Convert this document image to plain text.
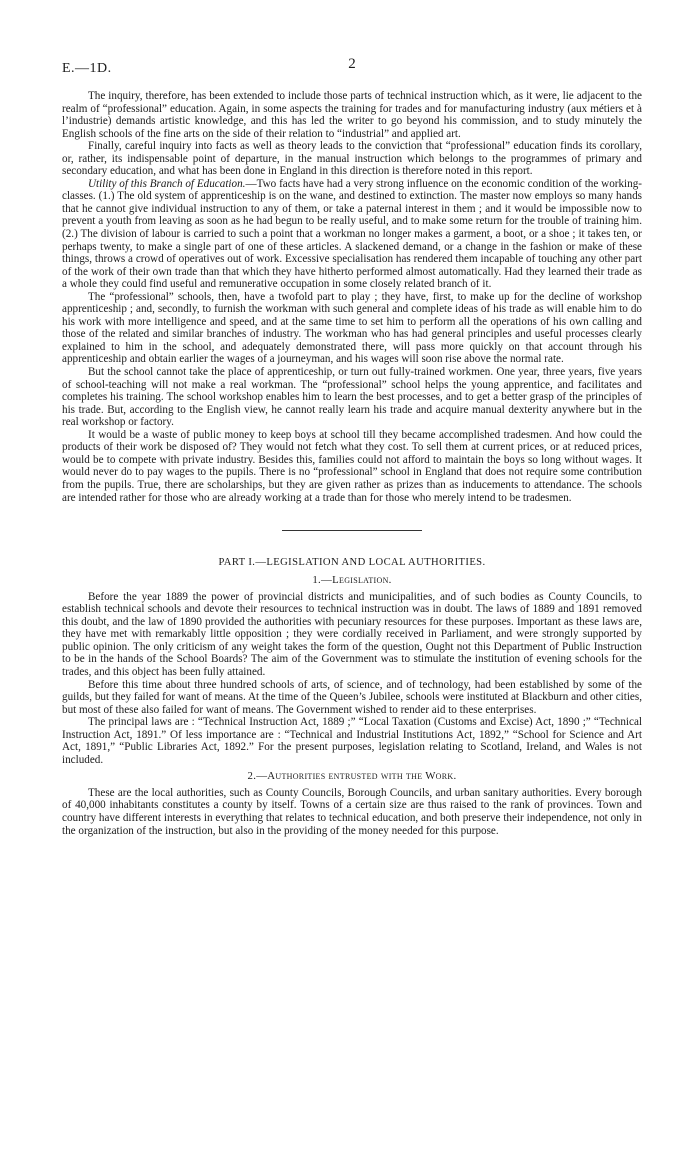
E.—1D.	2

The inquiry, therefore, has been extended to include those parts of technical instruction which, as it were, lie adjacent to the realm of “professional” education. Again, in some aspects the training for trades and for manufacturing industry (aux métiers et à l’industrie) demands artistic knowledge, and this has led the writer to go beyond his commission, and to study minutely the English schools of the fine arts on the side of their relation to “industrial” and applied art.

Finally, careful inquiry into facts as well as theory leads to the conviction that “professional” education finds its corollary, or, rather, its indispensable point of departure, in the manual instruction which belongs to the programmes of primary and secondary education, and what has been done in England in this direction is therefore noted in this report.

Utility of this Branch of Education.—Two facts have had a very strong influence on the economic condition of the working-classes. (1.) The old system of apprenticeship is on the wane, and destined to extinction. The master now employs so many hands that he cannot give individual instruction to any of them, or take a paternal interest in them ; and it would be impossible now to prevent a youth from leaving as soon as he had begun to be really useful, and to make some return for the trouble of training him. (2.) The division of labour is carried to such a point that a workman no longer makes a garment, a boot, or a shoe ; it takes ten, or perhaps twenty, to make a single part of one of these articles. A slackened demand, or a change in the fashion or make of these things, throws a crowd of operatives out of work. Excessive specialisation has rendered them incapable of touching any other part of the work of their own trade than that which they have hitherto performed almost automatically. Had they learned their trade as a whole they could find useful and remunerative occupation in some closely related branch of it.

The “professional” schools, then, have a twofold part to play ; they have, first, to make up for the decline of workshop apprenticeship ; and, secondly, to furnish the workman with such general and complete ideas of his trade as will enable him to do his work with more intelligence and speed, and at the same time to set him to perform all the operations of his own calling and those of the related and similar branches of industry. The workman who has had general principles and useful processes clearly explained to him in the school, and adequately demonstrated there, will pass more quickly on that account through his apprenticeship and obtain earlier the wages of a journeyman, and his wages will soon rise above the normal rate.

But the school cannot take the place of apprenticeship, or turn out fully-trained workmen. One year, three years, five years of school-teaching will not make a real workman. The “professional” school helps the young apprentice, and facilitates and completes his training. The school workshop enables him to learn the best processes, and to get a better grasp of the principles of his trade. But, according to the English view, he cannot really learn his trade and acquire manual dexterity anywhere but in the real workshop or factory.

It would be a waste of public money to keep boys at school till they became accomplished tradesmen. And how could the products of their work be disposed of? They would not fetch what they cost. To sell them at current prices, or at reduced prices, would be to compete with private industry. Besides this, families could not afford to maintain the boys so long without wages. It would never do to pay wages to the pupils. There is no “professional” school in England that does not require some contribution from the pupils. True, there are scholarships, but they are given rather as prizes than as inducements to attendance. The schools are intended rather for those who are already working at a trade than for those who merely intend to be tradesmen.

PART I.—LEGISLATION AND LOCAL AUTHORITIES.
1.—Legislation.

Before the year 1889 the power of provincial districts and municipalities, and of such bodies as County Councils, to establish technical schools and devote their resources to technical instruction was in doubt. The laws of 1889 and 1891 removed this doubt, and the law of 1890 provided the authorities with pecuniary resources for these purposes. Important as these laws are, they have met with remarkably little opposition ; they were cordially received in Parliament, and were strongly supported by public opinion. The only criticism of any weight takes the form of the question, Ought not this Department of Public Instruction to be in the hands of the School Boards? The aim of the Government was to stimulate the institution of evening schools for the trades, and this object has been fully attained.

Before this time about three hundred schools of arts, of science, and of technology, had been established by some of the guilds, but they failed for want of means. At the time of the Queen’s Jubilee, schools were instituted at Blackburn and other cities, but most of these also failed for want of means. The Government wished to render aid to these enterprises.

The principal laws are : “Technical Instruction Act, 1889 ;” “Local Taxation (Customs and Excise) Act, 1890 ;” “Technical Instruction Act, 1891.” Of less importance are : “Technical and Industrial Institutions Act, 1892,” “School for Science and Art Act, 1891,” “Public Libraries Act, 1892.” For the present purposes, legislation relating to Scotland, Ireland, and Wales is not included.

2.—Authorities entrusted with the Work.

These are the local authorities, such as County Councils, Borough Councils, and urban sanitary authorities. Every borough of 40,000 inhabitants constitutes a county by itself. Towns of a certain size are thus raised to the rank of provinces. Town and country have different interests in everything that relates to technical education, and both preserve their independence, not only in the organization of the instruction, but also in the providing of the money needed for this purpose.
